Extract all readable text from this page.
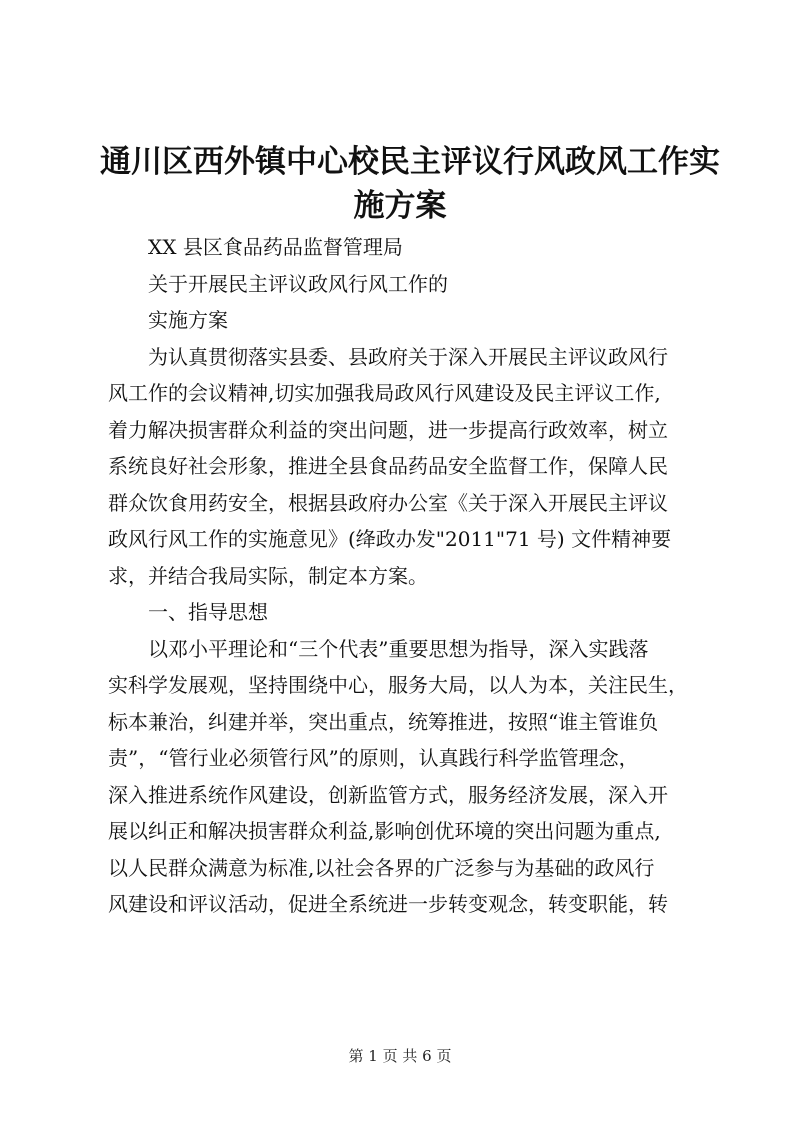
通川区西外镇中心校民主评议行风政风工作实
施方案
XX 县区食品药品监督管理局
关于开展民主评议政风行风工作的
实施方案
为认真贯彻落实县委、县政府关于深入开展民主评议政风行
风工作的会议精神,切实加强我局政风行风建设及民主评议工作,
着力解决损害群众利益的突出问题，进一步提高行政效率，树立
系统良好社会形象，推进全县食品药品安全监督工作，保障人民
群众饮食用药安全，根据县政府办公室《关于深入开展民主评议
政风行风工作的实施意见》(绛政办发"2011"71 号) 文件精神要
求，并结合我局实际，制定本方案。
一、指导思想
以邓小平理论和“三个代表”重要思想为指导，深入实践落
实科学发展观，坚持围绕中心，服务大局，以人为本，关注民生，
标本兼治，纠建并举，突出重点，统筹推进，按照“谁主管谁负
责”，“管行业必须管行风”的原则，认真践行科学监管理念，
深入推进系统作风建设，创新监管方式，服务经济发展，深入开
展以纠正和解决损害群众利益,影响创优环境的突出问题为重点,
以人民群众满意为标准,以社会各界的广泛参与为基础的政风行
风建设和评议活动，促进全系统进一步转变观念，转变职能，转
第 1 页 共 6 页
